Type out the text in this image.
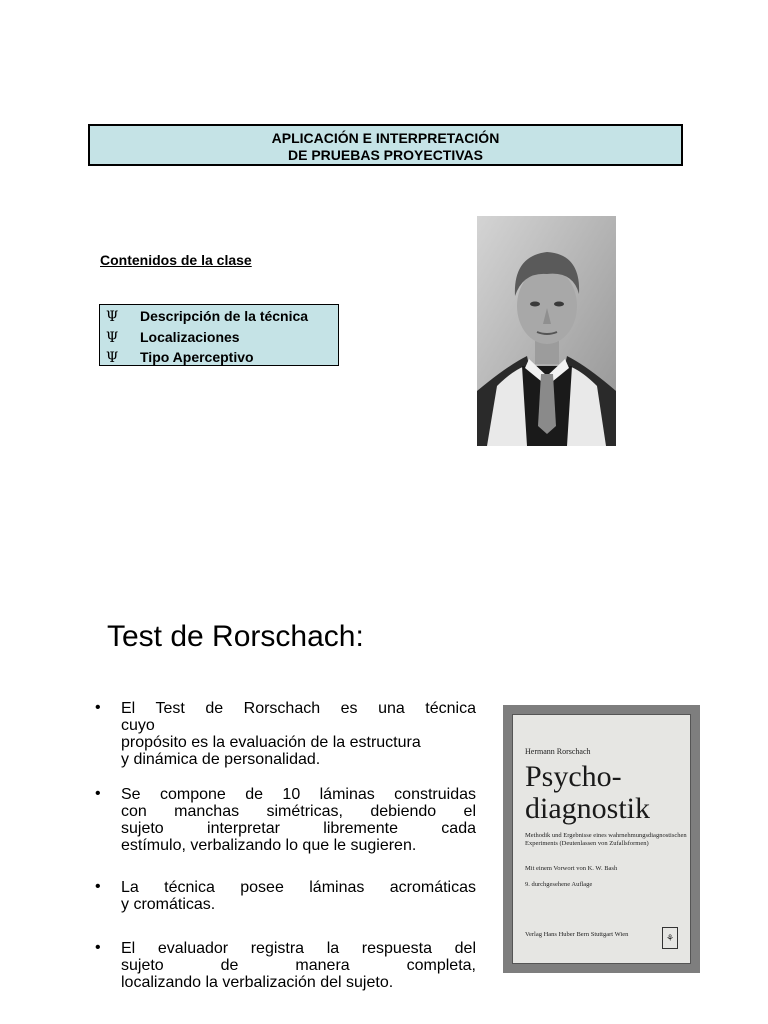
APLICACIÓN E INTERPRETACIÓN
DE PRUEBAS PROYECTIVAS
Contenidos de la clase
Ψ Descripción de la técnica
Ψ Localizaciones
Ψ Tipo Aperceptivo
Test de Rorschach:
• El Test de Rorschach es una técnica

cuyo

propósito es la evaluación de la estructura

y dinámica de personalidad.

• Se compone de 10 láminas construidas

con manchas simétricas, debiendo el

sujeto interpretar libremente cada

estímulo, verbalizando lo que le sugieren.

• La técnica posee láminas acromáticas

y cromáticas.

• El evaluador registra la respuesta del

sujeto de manera completa,

localizando la verbalización del sujeto.

Hermann Rorschach
Psycho-
diagnostik
Methodik und Ergebnisse eines wahrnehmungsdiagnostischen Experiments (Deutenlassen von Zufallsformen)
Mit einem Vorwort von K. W. Bash
9. durchgesehene Auflage
Verlag Hans Huber Bern Stuttgart Wien	⚘
